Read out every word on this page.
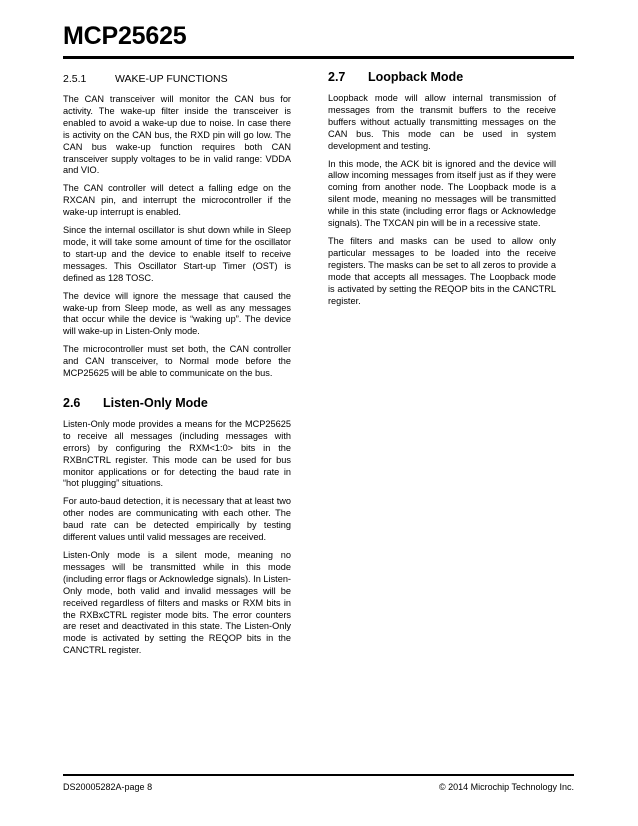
MCP25625
2.5.1	WAKE-UP FUNCTIONS

The CAN transceiver will monitor the CAN bus for activity. The wake-up filter inside the transceiver is enabled to avoid a wake-up due to noise. In case there is activity on the CAN bus, the RXD pin will go low. The CAN bus wake-up function requires both CAN transceiver supply voltages to be in valid range: VDDA and VIO.

The CAN controller will detect a falling edge on the RXCAN pin, and interrupt the microcontroller if the wake-up interrupt is enabled.

Since the internal oscillator is shut down while in Sleep mode, it will take some amount of time for the oscillator to start-up and the device to enable itself to receive messages. This Oscillator Start-up Timer (OST) is defined as 128 TOSC.

The device will ignore the message that caused the wake-up from Sleep mode, as well as any messages that occur while the device is “waking up”. The device will wake-up in Listen-Only mode.

The microcontroller must set both, the CAN controller and CAN transceiver, to Normal mode before the MCP25625 will be able to communicate on the bus.

2.6 Listen-Only Mode

Listen-Only mode provides a means for the MCP25625 to receive all messages (including messages with errors) by configuring the RXM<1:0> bits in the RXBnCTRL register. This mode can be used for bus monitor applications or for detecting the baud rate in “hot plugging” situations.

For auto-baud detection, it is necessary that at least two other nodes are communicating with each other. The baud rate can be detected empirically by testing different values until valid messages are received.

Listen-Only mode is a silent mode, meaning no messages will be transmitted while in this mode (including error flags or Acknowledge signals). In Listen-Only mode, both valid and invalid messages will be received regardless of filters and masks or RXM bits in the RXBxCTRL register mode bits. The error counters are reset and deactivated in this state. The Listen-Only mode is activated by setting the REQOP bits in the CANCTRL register.

2.7 Loopback Mode

Loopback mode will allow internal transmission of messages from the transmit buffers to the receive buffers without actually transmitting messages on the CAN bus. This mode can be used in system development and testing.

In this mode, the ACK bit is ignored and the device will allow incoming messages from itself just as if they were coming from another node. The Loopback mode is a silent mode, meaning no messages will be transmitted while in this state (including error flags or Acknowledge signals). The TXCAN pin will be in a recessive state.

The filters and masks can be used to allow only particular messages to be loaded into the receive registers. The masks can be set to all zeros to provide a mode that accepts all messages. The Loopback mode is activated by setting the REQOP bits in the CANCTRL register.

DS20005282A-page 8	© 2014 Microchip Technology Inc.
